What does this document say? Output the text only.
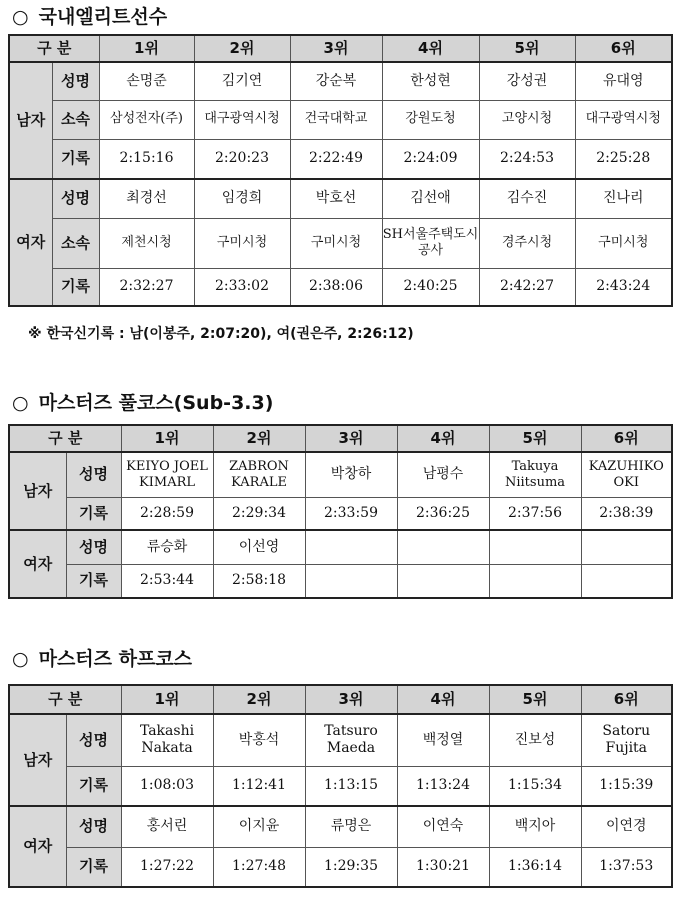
○ 국내엘리트선수
구 분		1위	2위	3위	4위	5위	6위
남자	성명	손명준	김기연	강순복	한성현	강성권	유대영
	소속	삼성전자(주)	대구광역시청	건국대학교	강원도청	고양시청	대구광역시청
	기록	2:15:16	2:20:23	2:22:49	2:24:09	2:24:53	2:25:28
여자	성명	최경선	임경희	박호선	김선애	김수진	진나리
	소속	제천시청	구미시청	구미시청	SH서울주택도시공사	경주시청	구미시청
	기록	2:32:27	2:33:02	2:38:06	2:40:25	2:42:27	2:43:24
※ 한국신기록 : 남(이봉주, 2:07:20), 여(권은주, 2:26:12)
○ 마스터즈 풀코스(Sub-3.3)
구 분		1위	2위	3위	4위	5위	6위
남자	성명	KEIYO JOEL KIMARL	ZABRON KARALE	박창하	남평수	Takuya Niitsuma	KAZUHIKO OKI
	기록	2:28:59	2:29:34	2:33:59	2:36:25	2:37:56	2:38:39
여자	성명	류승화	이선영				
	기록	2:53:44	2:58:18				
○ 마스터즈 하프코스
구 분		1위	2위	3위	4위	5위	6위
남자	성명	Takashi Nakata	박홍석	Tatsuro Maeda	백정열	진보성	Satoru Fujita
	기록	1:08:03	1:12:41	1:13:15	1:13:24	1:15:34	1:15:39
여자	성명	홍서린	이지윤	류명은	이연숙	백지아	이연경
	기록	1:27:22	1:27:48	1:29:35	1:30:21	1:36:14	1:37:53
